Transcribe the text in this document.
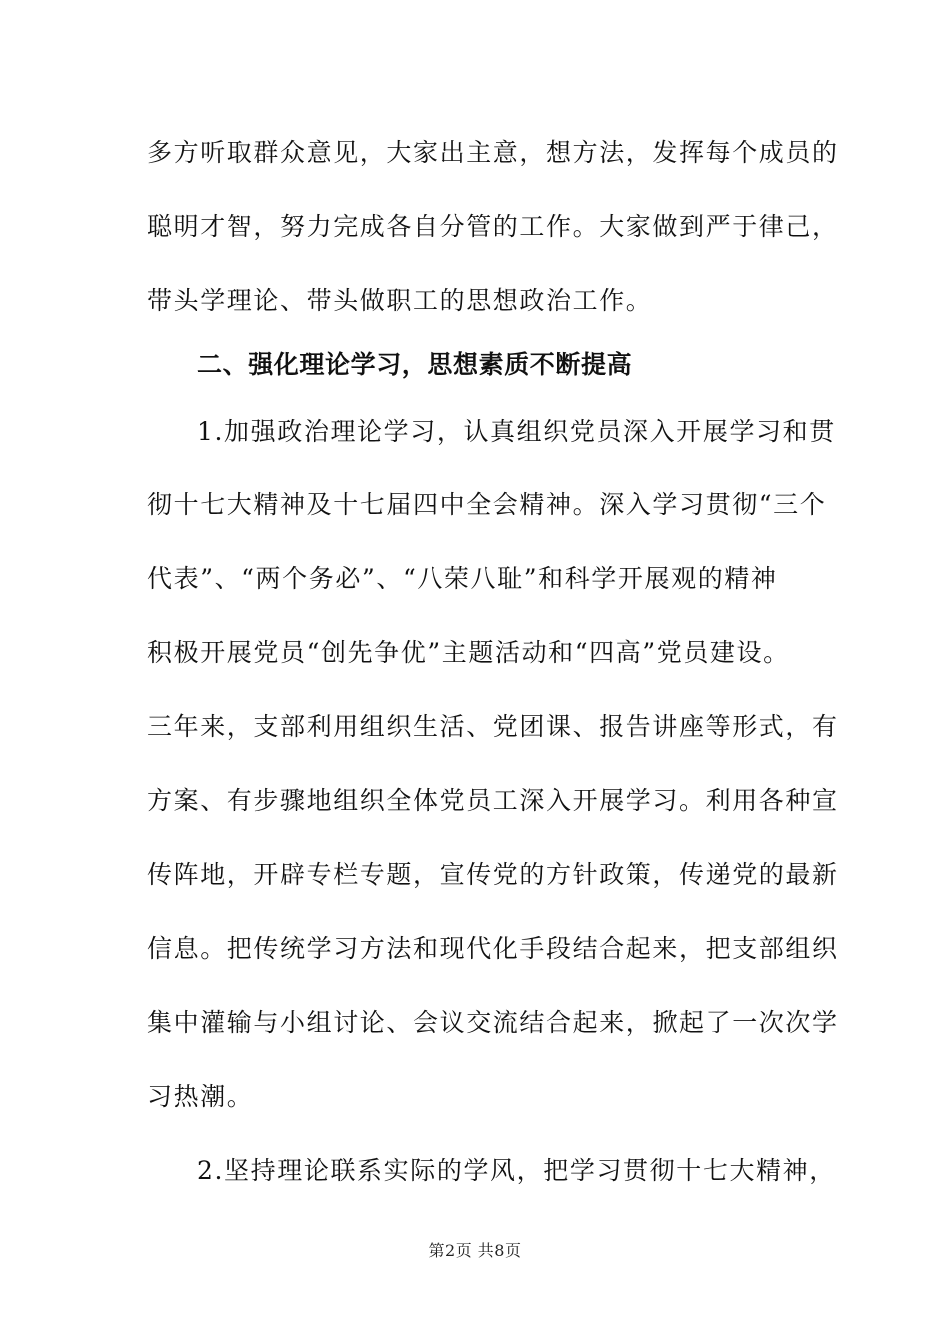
多方听取群众意见，大家出主意，想方法，发挥每个成员的
聪明才智，努力完成各自分管的工作。大家做到严于律己，
带头学理论、带头做职工的思想政治工作。
二、强化理论学习，思想素质不断提高
1.加强政治理论学习，认真组织党员深入开展学习和贯
彻十七大精神及十七届四中全会精神。深入学习贯彻“三个
代表”、“两个务必”、“八荣八耻”和科学开展观的精神
积极开展党员“创先争优”主题活动和“四高”党员建设。
三年来，支部利用组织生活、党团课、报告讲座等形式，有
方案、有步骤地组织全体党员工深入开展学习。利用各种宣
传阵地，开辟专栏专题，宣传党的方针政策，传递党的最新
信息。把传统学习方法和现代化手段结合起来，把支部组织
集中灌输与小组讨论、会议交流结合起来，掀起了一次次学
习热潮。
2.坚持理论联系实际的学风，把学习贯彻十七大精神，
第2页 共8页
